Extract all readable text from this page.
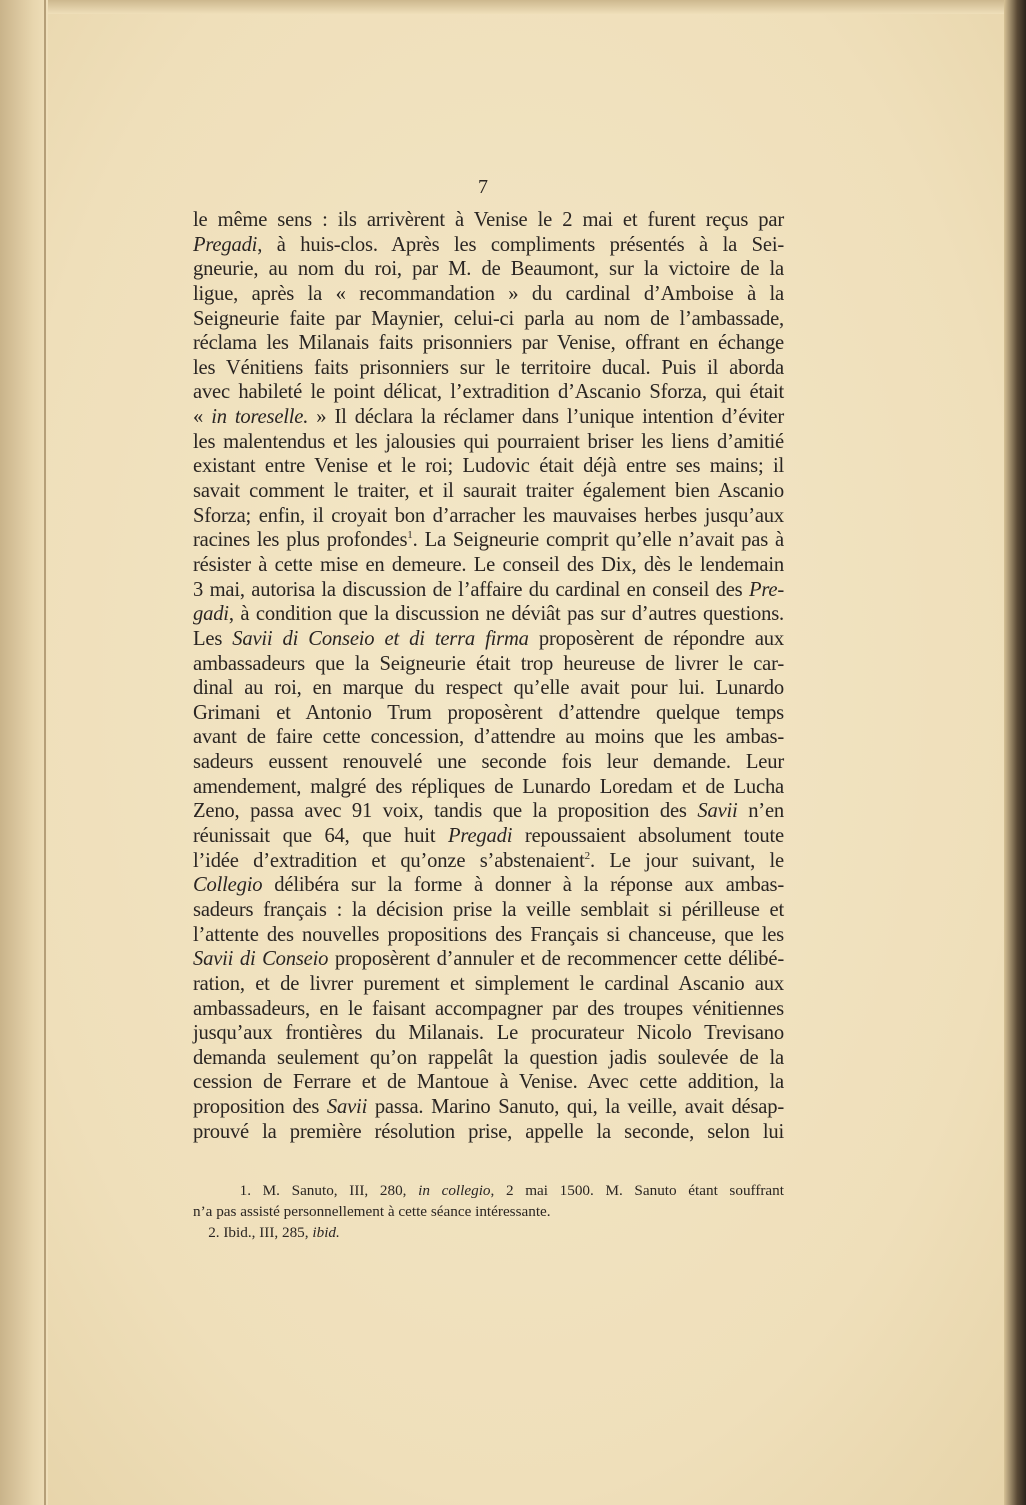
7
le même sens : ils arrivèrent à Venise le 2 mai et furent reçus par
Pregadi, à huis-clos. Après les compliments présentés à la Sei-
gneurie, au nom du roi, par M. de Beaumont, sur la victoire de la
ligue, après la « recommandation » du cardinal d’Amboise à la
Seigneurie faite par Maynier, celui-ci parla au nom de l’ambassade,
réclama les Milanais faits prisonniers par Venise, offrant en échange
les Vénitiens faits prisonniers sur le territoire ducal. Puis il aborda
avec habileté le point délicat, l’extradition d’Ascanio Sforza, qui était
« in toreselle. » Il déclara la réclamer dans l’unique intention d’éviter
les malentendus et les jalousies qui pourraient briser les liens d’amitié
existant entre Venise et le roi; Ludovic était déjà entre ses mains; il
savait comment le traiter, et il saurait traiter également bien Ascanio
Sforza; enfin, il croyait bon d’arracher les mauvaises herbes jusqu’aux
racines les plus profondes$^1$. La Seigneurie comprit qu’elle n’avait pas à
résister à cette mise en demeure. Le conseil des Dix, dès le lendemain
3 mai, autorisa la discussion de l’affaire du cardinal en conseil des Pre-
gadi, à condition que la discussion ne déviât pas sur d’autres questions.
Les Savii di Conseio et di terra firma proposèrent de répondre aux
ambassadeurs que la Seigneurie était trop heureuse de livrer le car-
dinal au roi, en marque du respect qu’elle avait pour lui. Lunardo
Grimani et Antonio Trum proposèrent d’attendre quelque temps
avant de faire cette concession, d’attendre au moins que les ambas-
sadeurs eussent renouvelé une seconde fois leur demande. Leur
amendement, malgré des répliques de Lunardo Loredam et de Lucha
Zeno, passa avec 91 voix, tandis que la proposition des Savii n’en
réunissait que 64, que huit Pregadi repoussaient absolument toute
l’idée d’extradition et qu’onze s’abstenaient$^2$. Le jour suivant, le
Collegio délibéra sur la forme à donner à la réponse aux ambas-
sadeurs français : la décision prise la veille semblait si périlleuse et
l’attente des nouvelles propositions des Français si chanceuse, que les
Savii di Conseio proposèrent d’annuler et de recommencer cette délibé-
ration, et de livrer purement et simplement le cardinal Ascanio aux
ambassadeurs, en le faisant accompagner par des troupes vénitiennes
jusqu’aux frontières du Milanais. Le procurateur Nicolo Trevisano
demanda seulement qu’on rappelât la question jadis soulevée de la
cession de Ferrare et de Mantoue à Venise. Avec cette addition, la
proposition des Savii passa. Marino Sanuto, qui, la veille, avait désap-
prouvé la première résolution prise, appelle la seconde, selon lui
1. M. Sanuto, III, 280, in collegio, 2 mai 1500. M. Sanuto étant souffrant
n’a pas assisté personnellement à cette séance intéressante.
2. Ibid., III, 285, ibid.
